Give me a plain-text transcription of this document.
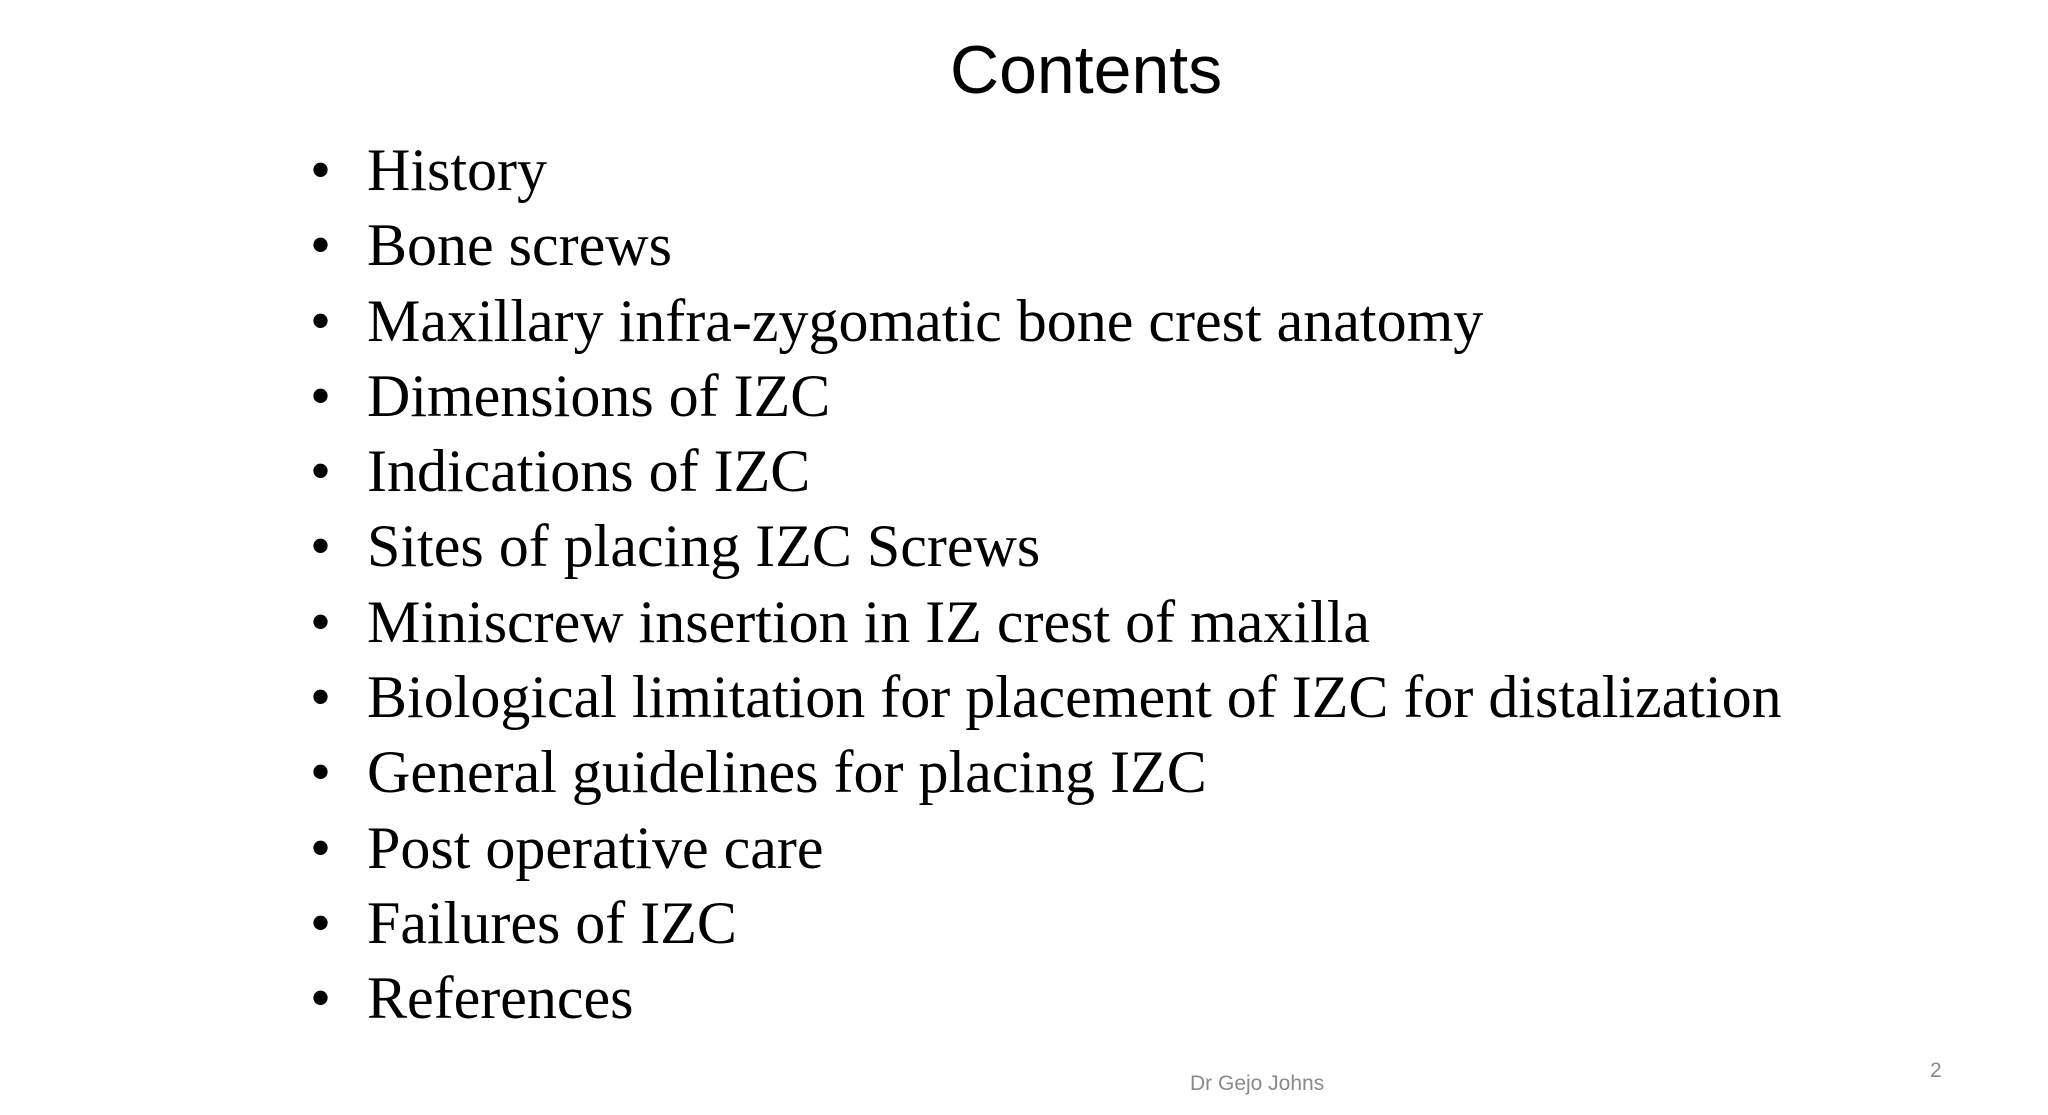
Contents
• History
• Bone screws
• Maxillary infra-zygomatic bone crest anatomy
• Dimensions of IZC
• Indications of IZC
• Sites of placing IZC Screws
• Miniscrew insertion in IZ crest of maxilla
• Biological limitation for placement of IZC for distalization
• General guidelines for placing IZC
• Post operative care
• Failures of IZC
• References
Dr Gejo Johns
2
